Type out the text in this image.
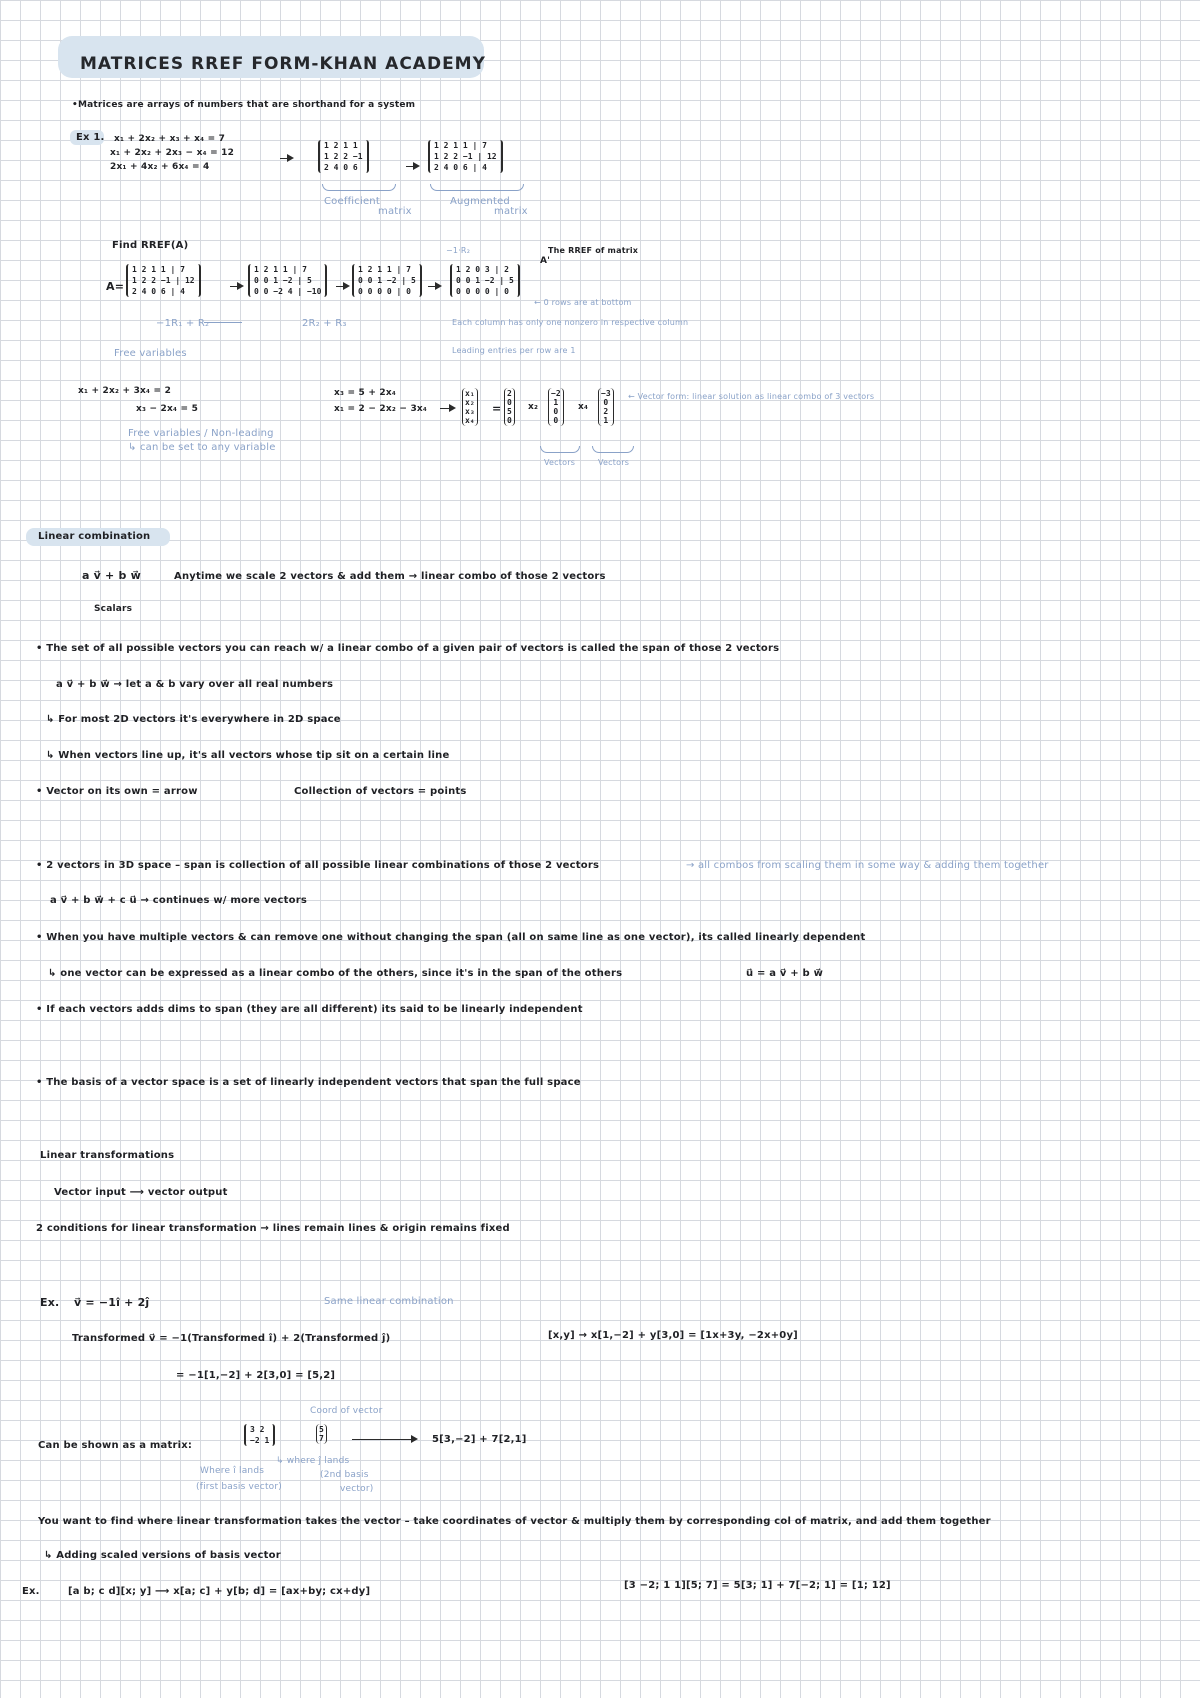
MATRICES RREF FORM-KHAN ACADEMY
•Matrices are arrays of numbers that are shorthand for a system
Ex 1. x₁ + 2x₂ + x₃ + x₄ = 7
x₁ + 2x₂ + 2x₃ − x₄ = 12
2x₁ + 4x₂ + 6x₄ = 4
1 2 1 1
1 2 2 −1
2 4 0 6
1 2 1 1 | 7
1 2 2 −1 | 12
2 4 0 6 | 4
Coefficient
matrix
Augmented
matrix
Find RREF(A)
A=
1 2 1 1 | 7
1 2 2 −1 | 12
2 4 0 6 | 4
1 2 1 1 | 7
0 0 1 −2 | 5
0 0 −2 4 | −10
1 2 1 1 | 7
0 0 1 −2 | 5
0 0 0 0 | 0
1 2 0 3 | 2
0 0 1 −2 | 5
0 0 0 0 | 0
−1·R₂	The RREF of matrix
A'
−1R₁ + R₂	2R₂ + R₃
← 0 rows are at bottom
Each column has only one nonzero in respective column
Leading entries per row are 1
Free variables
x₁ + 2x₂ + 3x₄ = 2
x₃ − 2x₄ = 5
Free variables / Non-leading
↳ can be set to any variable
x₃ = 5 + 2x₄
x₁ = 2 − 2x₂ − 3x₄
x₁
x₂
x₃
x₄
=
2
0
5
0
x₂
−2
1
0
0
x₄
−3
0
2
1
← Vector form: linear solution as linear combo of 3 vectors
Vectors	Vectors
Linear combination
a v⃗ + b w⃗	Anytime we scale 2 vectors & add them → linear combo of those 2 vectors
Scalars
• The set of all possible vectors you can reach w/ a linear combo of a given pair of vectors is called the span of those 2 vectors
a v⃗ + b w⃗ → let a & b vary over all real numbers
↳ For most 2D vectors it's everywhere in 2D space
↳ When vectors line up, it's all vectors whose tip sit on a certain line
• Vector on its own = arrow	Collection of vectors = points
• 2 vectors in 3D space – span is collection of all possible linear combinations of those 2 vectors	→ all combos from scaling them in some way & adding them together
a v⃗ + b w⃗ + c u⃗ → continues w/ more vectors
• When you have multiple vectors & can remove one without changing the span (all on same line as one vector), its called linearly dependent
↳ one vector can be expressed as a linear combo of the others, since it's in the span of the others	u⃗ = a v⃗ + b w⃗
• If each vectors adds dims to span (they are all different) its said to be linearly independent
• The basis of a vector space is a set of linearly independent vectors that span the full space
Linear transformations
Vector input ⟶ vector output
2 conditions for linear transformation → lines remain lines & origin remains fixed
Ex. v⃗ = −1î + 2ĵ	Same linear combination
Transformed v⃗ = −1(Transformed î) + 2(Transformed ĵ)
= −1[1,−2] + 2[3,0] = [5,2]
[x,y] → x[1,−2] + y[3,0] = [1x+3y, −2x+0y]
Can be shown as a matrix:
Coord of vector
3 2
−2 1
5
7	5[3,−2] + 7[2,1]
Where î lands
(first basis vector)
↳ where ĵ lands
(2nd basis
vector)
You want to find where linear transformation takes the vector – take coordinates of vector & multiply them by corresponding col of matrix, and add them together
↳ Adding scaled versions of basis vector
Ex.	[a b; c d][x; y] ⟶ x[a; c] + y[b; d] = [ax+by; cx+dy]
[3 −2; 1 1][5; 7] = 5[3; 1] + 7[−2; 1] = [1; 12]
